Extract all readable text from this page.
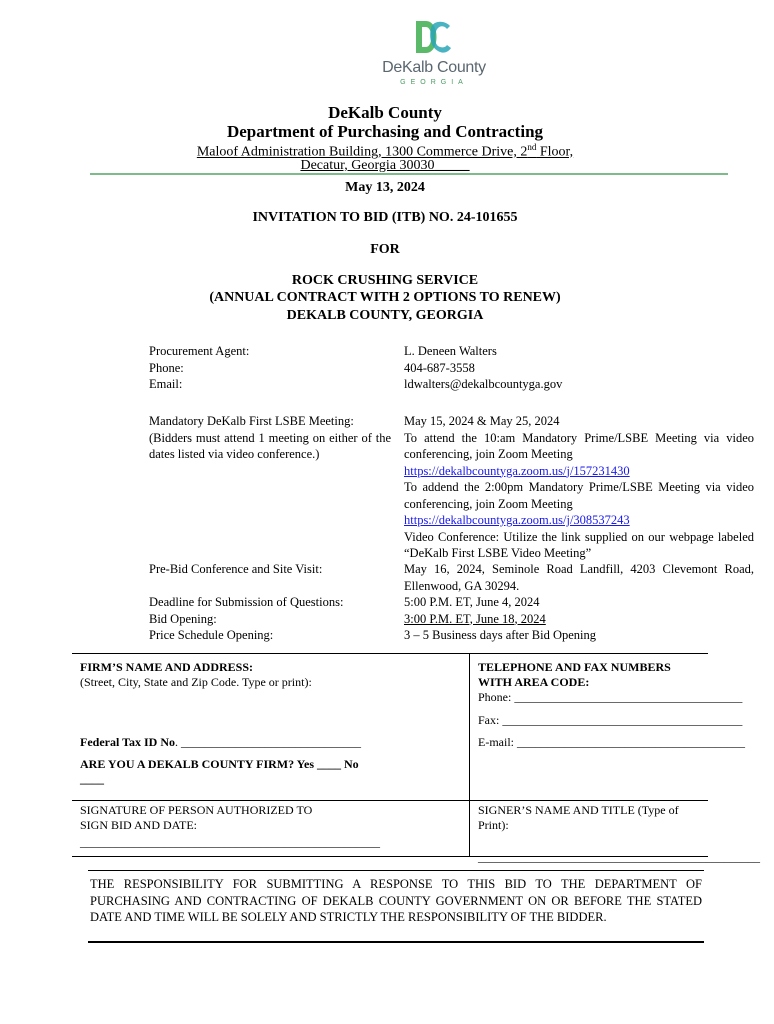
DeKalb County
GEORGIA
DeKalb County
Department of Purchasing and Contracting
Maloof Administration Building, 1300 Commerce Drive, 2nd Floor,
Decatur, Georgia 30030_____
May 13, 2024
INVITATION TO BID (ITB) NO. 24-101655
FOR
ROCK CRUSHING SERVICE
(ANNUAL CONTRACT WITH 2 OPTIONS TO RENEW)
DEKALB COUNTY, GEORGIA
Procurement Agent:
Phone:
Email:
L. Deneen Walters
404-687-3558
ldwalters@dekalbcountyga.gov
Mandatory DeKalb First LSBE Meeting:
(Bidders must attend 1 meeting on either of the dates listed via video conference.)
May 15, 2024 & May 25, 2024
To attend the 10:am Mandatory Prime/LSBE Meeting via video conferencing, join Zoom Meeting
https://dekalbcountyga.zoom.us/j/157231430
To addend the 2:00pm Mandatory Prime/LSBE Meeting via video conferencing, join Zoom Meeting
https://dekalbcountyga.zoom.us/j/308537243
Video Conference: Utilize the link supplied on our webpage labeled “DeKalb First LSBE Video Meeting”
Pre-Bid Conference and Site Visit:	May 16, 2024, Seminole Road Landfill, 4203 Clevemont Road, Ellenwood, GA 30294.
Deadline for Submission of Questions:
Bid Opening:
Price Schedule Opening:
5:00 P.M. ET, June 4, 2024
3:00 P.M. ET, June 18, 2024
3 – 5 Business days after Bid Opening
FIRM’S NAME AND ADDRESS:
(Street, City, State and Zip Code. Type or print):
TELEPHONE AND FAX NUMBERS WITH AREA CODE:
Phone: ______________________________________
Fax: ________________________________________
Federal Tax ID No. ______________________________	E-mail: ______________________________________
ARE YOU A DEKALB COUNTY FIRM? Yes ____ No ____
SIGNATURE OF PERSON AUTHORIZED TO SIGN BID AND DATE:
__________________________________________________
SIGNER’S NAME AND TITLE (Type of Print):
_______________________________________________
THE RESPONSIBILITY FOR SUBMITTING A RESPONSE TO THIS BID TO THE DEPARTMENT OF PURCHASING AND CONTRACTING OF DEKALB COUNTY GOVERNMENT ON OR BEFORE THE STATED DATE AND TIME WILL BE SOLELY AND STRICTLY THE RESPONSIBILITY OF THE BIDDER.
